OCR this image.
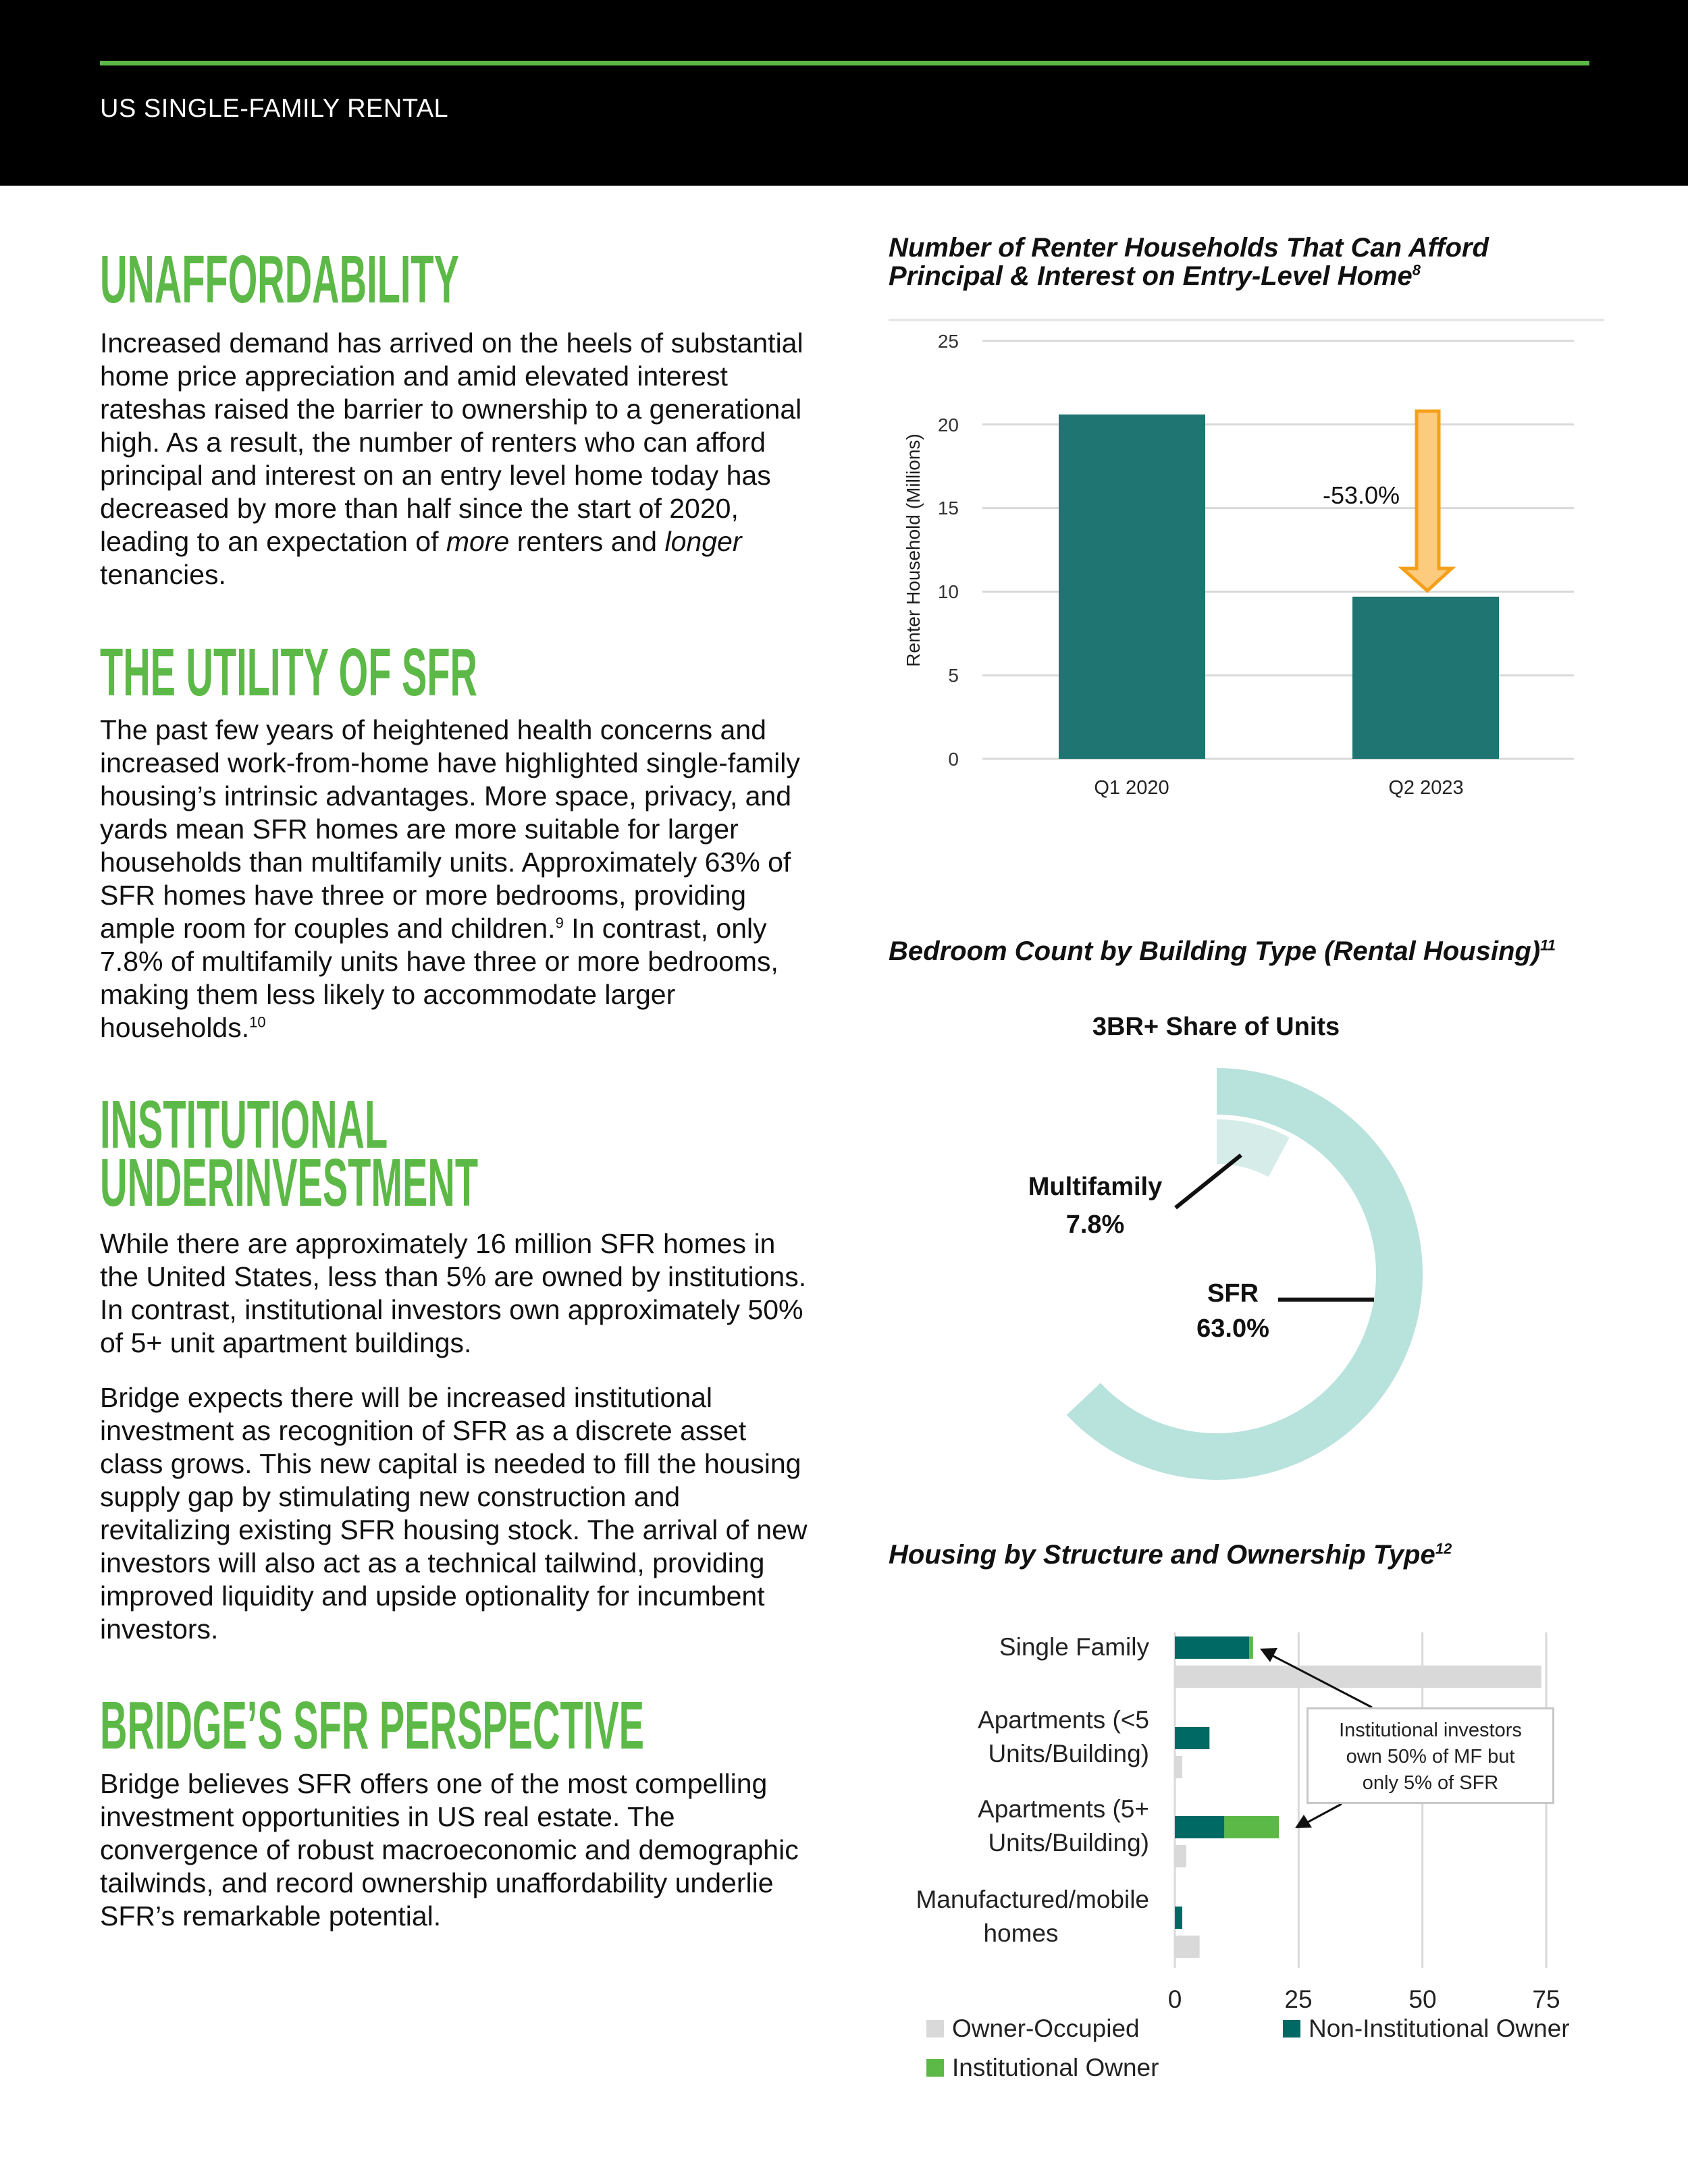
US SINGLE-FAMILY RENTAL
UNAFFORDABILITY
Increased demand has arrived on the heels of substantial home price appreciation and amid elevated interest rateshas raised the barrier to ownership to a generational high. As a result, the number of renters who can afford principal and interest on an entry level home today has decreased by more than half since the start of 2020, leading to an expectation of more renters and longer tenancies.
THE UTILITY OF SFR
The past few years of heightened health concerns and increased work-from-home have highlighted single-family housing’s intrinsic advantages. More space, privacy, and yards mean SFR homes are more suitable for larger households than multifamily units. Approximately 63% of SFR homes have three or more bedrooms, providing ample room for couples and children.$^9$ In contrast, only 7.8% of multifamily units have three or more bedrooms, making them less likely to accommodate larger households.$^{10}$
INSTITUTIONAL
UNDERINVESTMENT
While there are approximately 16 million SFR homes in the United States, less than 5% are owned by institutions. In contrast, institutional investors own approximately 50% of 5+ unit apartment buildings.
Bridge expects there will be increased institutional investment as recognition of SFR as a discrete asset class grows. This new capital is needed to fill the housing supply gap by stimulating new construction and revitalizing existing SFR housing stock. The arrival of new investors will also act as a technical tailwind, providing improved liquidity and upside optionality for incumbent investors.
BRIDGE’S SFR PERSPECTIVE
Bridge believes SFR offers one of the most compelling investment opportunities in US real estate. The convergence of robust macroeconomic and demographic tailwinds, and record ownership unaffordability underlie SFR’s remarkable potential.
Number of Renter Households That Can Afford
Principal & Interest on Entry-Level Home$^8$
Bedroom Count by Building Type (Rental Housing)$^{11}$
Housing by Structure and Ownership Type$^{12}$
0
5
10
15
20
25
Renter Household (Millions)
Q1 2020	Q2 2023
-53.0%
3BR+ Share of Units
Multifamily
7.8%
SFR
63.0%
Single Family
Apartments (<5
Units/Building)
Apartments (5+
Units/Building)
Manufactured/mobile
homes
0	25	50	75
Institutional investors
own 50% of MF but
only 5% of SFR
Owner-Occupied	Non-Institutional Owner
Institutional Owner
